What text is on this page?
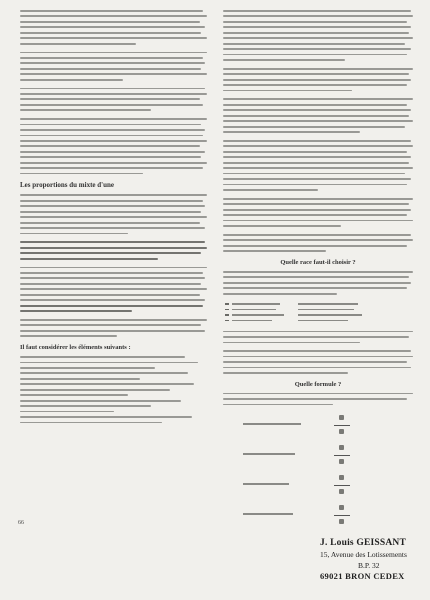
Les proportions du mixte d'une
Il faut considérer les éléments suivants :
66
Quelle race faut-il choisir ?
Quelle formule ?
J. Louis GEISSANT
15, Avenue des Lotissements
B.P. 32
69021 BRON CEDEX
